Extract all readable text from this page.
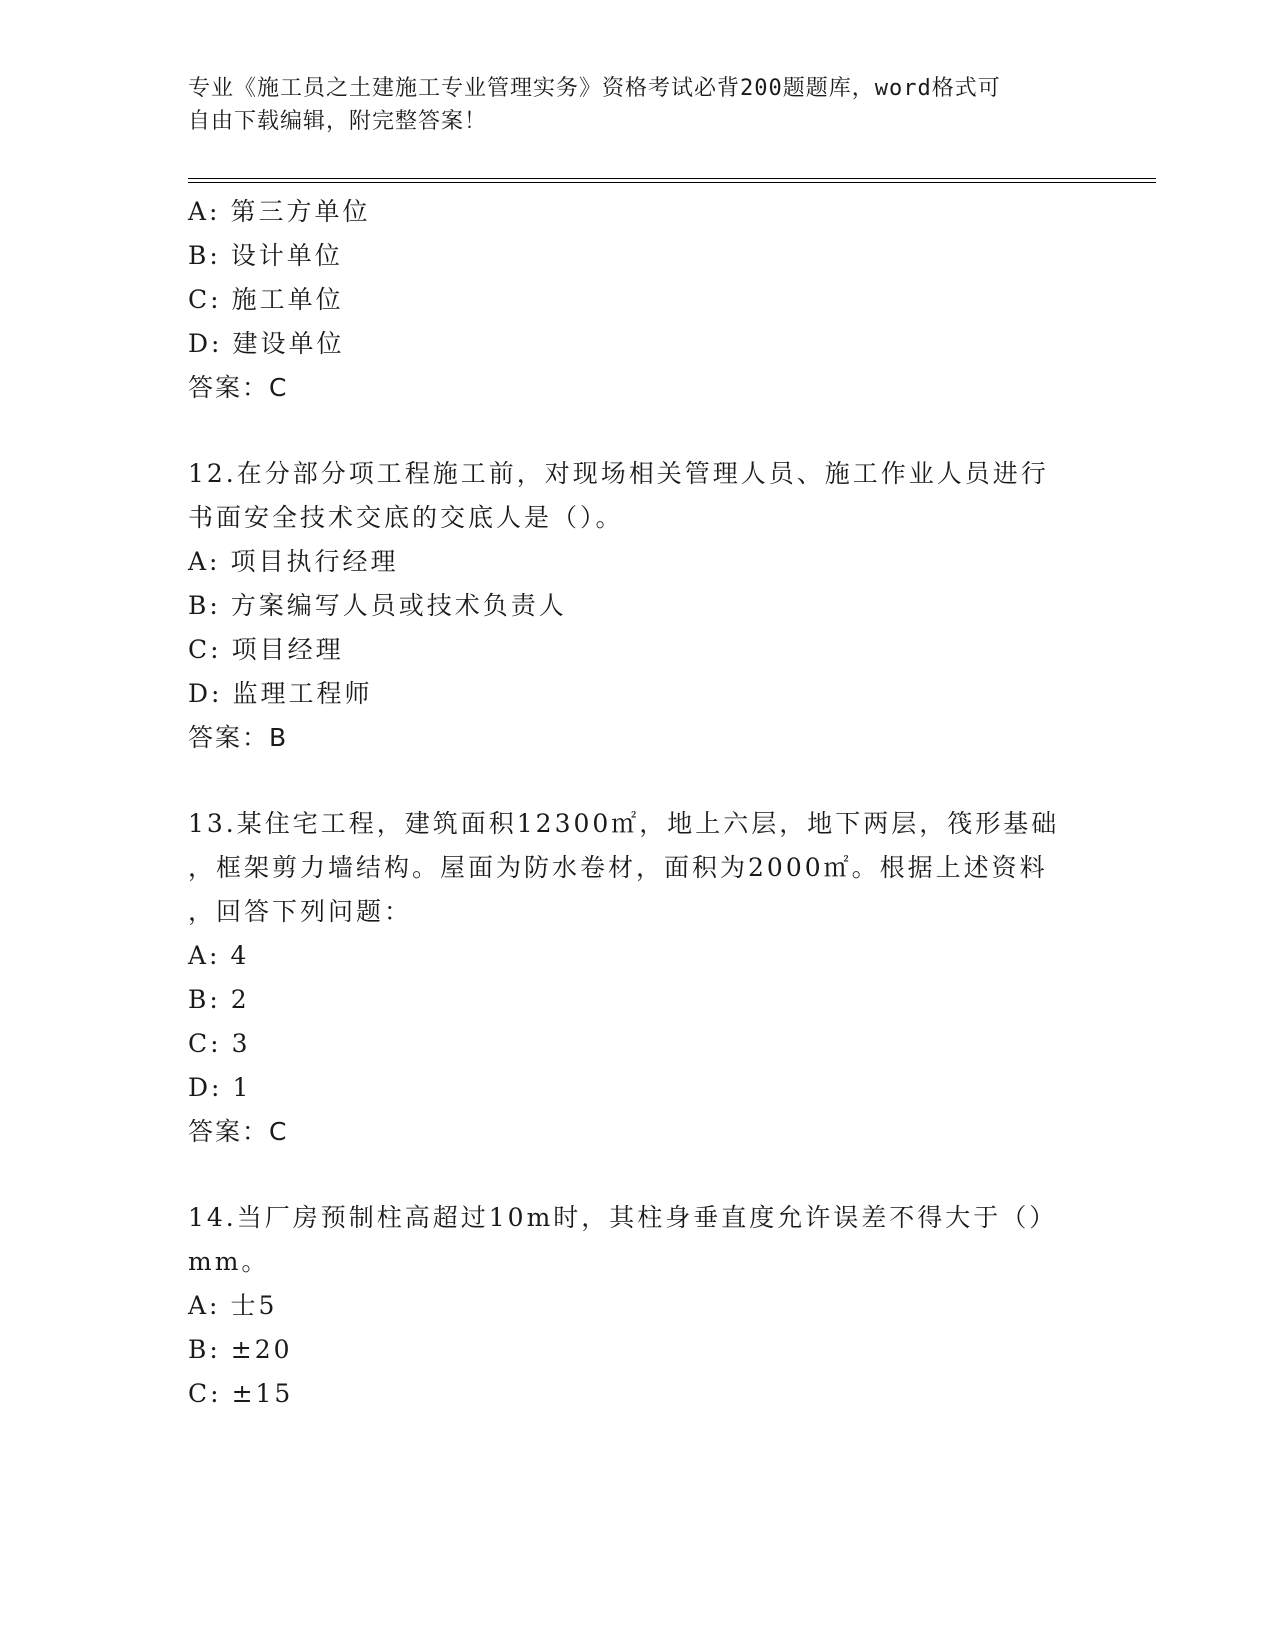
专业《施工员之土建施工专业管理实务》资格考试必背200题题库，word格式可
自由下载编辑，附完整答案！
A: 第三方单位
B: 设计单位
C: 施工单位
D: 建设单位
答案：C
12.在分部分项工程施工前，对现场相关管理人员、施工作业人员进行
书面安全技术交底的交底人是（）。
A: 项目执行经理
B: 方案编写人员或技术负责人
C: 项目经理
D: 监理工程师
答案：B
13.某住宅工程，建筑面积12300㎡，地上六层，地下两层，筏形基础
，框架剪力墙结构。屋面为防水卷材，面积为2000㎡。根据上述资料
，回答下列问题：
A: 4
B: 2
C: 3
D: 1
答案：C
14.当厂房预制柱高超过10m时，其柱身垂直度允许误差不得大于（）
mm。
A: 士5
B: ±20
C: ±15
